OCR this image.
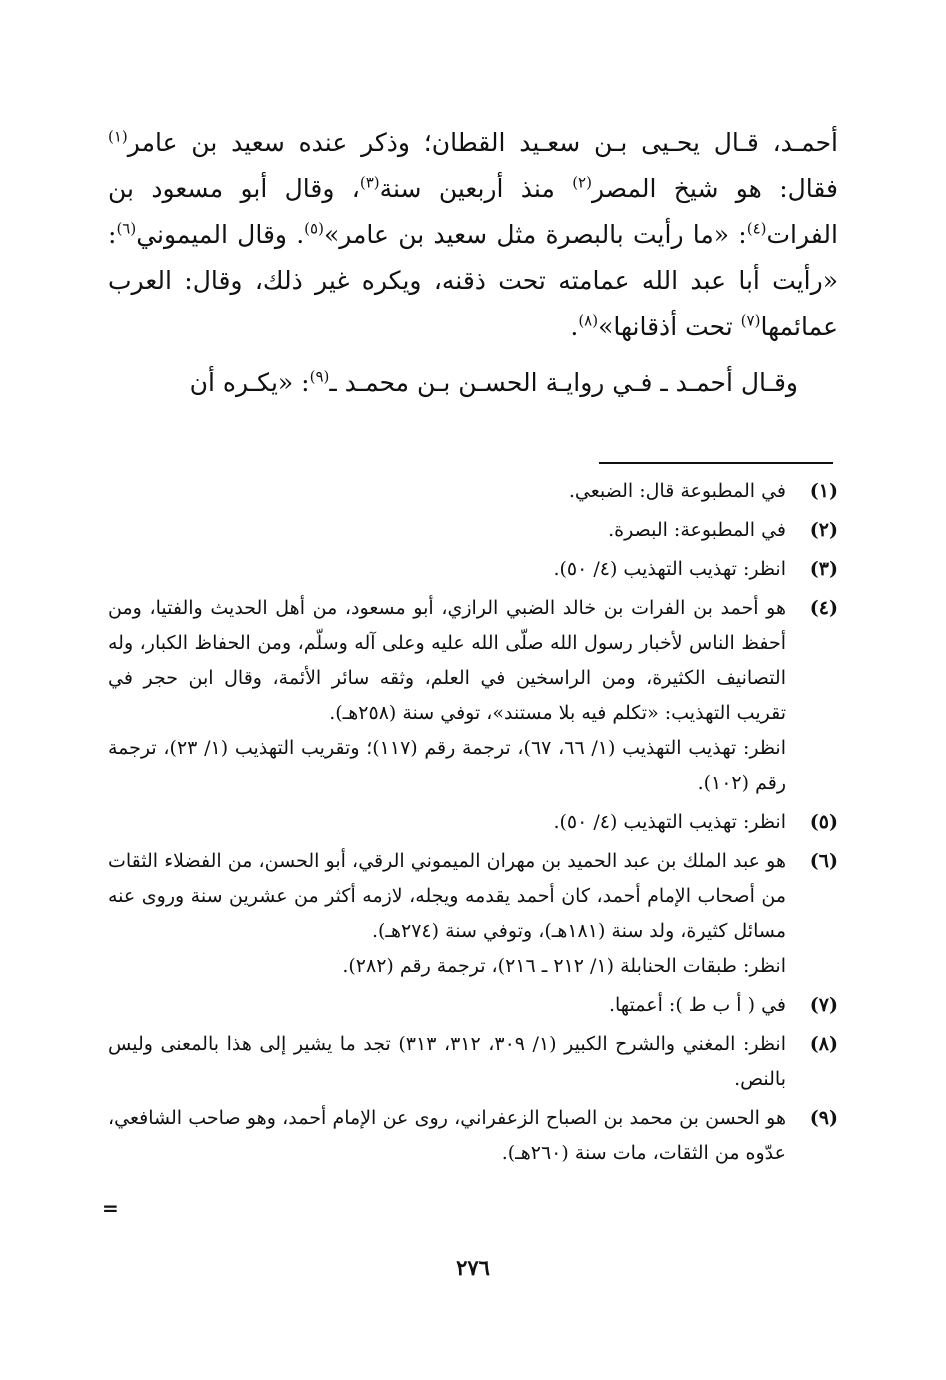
أحمـد، قـال يحـيى بـن سعـيد القطان؛ وذكر عنده سعيد بن عامر$^{(١)}$ فقال: هو شيخ المصر$^{(٢)}$ منذ أربعين سنة$^{(٣)}$، وقال أبو مسعود بن الفرات$^{(٤)}$: «ما رأيت بالبصرة مثل سعيد بن عامر»$^{(٥)}$. وقال الميموني$^{(٦)}$: «رأيت أبا عبد الله عمامته تحت ذقنه، ويكره غير ذلك، وقال: العرب عمائمها$^{(٧)}$ تحت أذقانها»$^{(٨)}$.

وقـال أحمـد ـ فـي روايـة الحسـن بـن محمـد ـ$^{(٩)}$: «يكـره أن

(١)

في المطبوعة قال: الضبعي.

(٢)

في المطبوعة: البصرة.

(٣)

انظر: تهذيب التهذيب (٤/ ٥٠).

(٤)

هو أحمد بن الفرات بن خالد الضبي الرازي، أبو مسعود، من أهل الحديث والفتيا، ومن أحفظ الناس لأخبار رسول الله صلّى الله عليه وعلى آله وسلّم، ومن الحفاظ الكبار، وله التصانيف الكثيرة، ومن الراسخين في العلم، وثقه سائر الأئمة، وقال ابن حجر في تقريب التهذيب: «تكلم فيه بلا مستند»، توفي سنة (٢٥٨هـ).

انظر: تهذيب التهذيب (١/ ٦٦، ٦٧)، ترجمة رقم (١١٧)؛ وتقريب التهذيب (١/ ٢٣)، ترجمة رقم (١٠٢).

(٥)

انظر: تهذيب التهذيب (٤/ ٥٠).

(٦)

هو عبد الملك بن عبد الحميد بن مهران الميموني الرقي، أبو الحسن، من الفضلاء الثقات من أصحاب الإمام أحمد، كان أحمد يقدمه ويجله، لازمه أكثر من عشرين سنة وروى عنه مسائل كثيرة، ولد سنة (١٨١هـ)، وتوفي سنة (٢٧٤هـ).

انظر: طبقات الحنابلة (١/ ٢١٢ ـ ٢١٦)، ترجمة رقم (٢٨٢).

(٧)

في ( أ ب ط ): أعمتها.

(٨)

انظر: المغني والشرح الكبير (١/ ٣٠٩، ٣١٢، ٣١٣) تجد ما يشير إلى هذا بالمعنى وليس بالنص.

(٩)

هو الحسن بن محمد بن الصباح الزعفراني، روى عن الإمام أحمد، وهو صاحب الشافعي، عدّوه من الثقات، مات سنة (٢٦٠هـ).

=
٢٧٦
